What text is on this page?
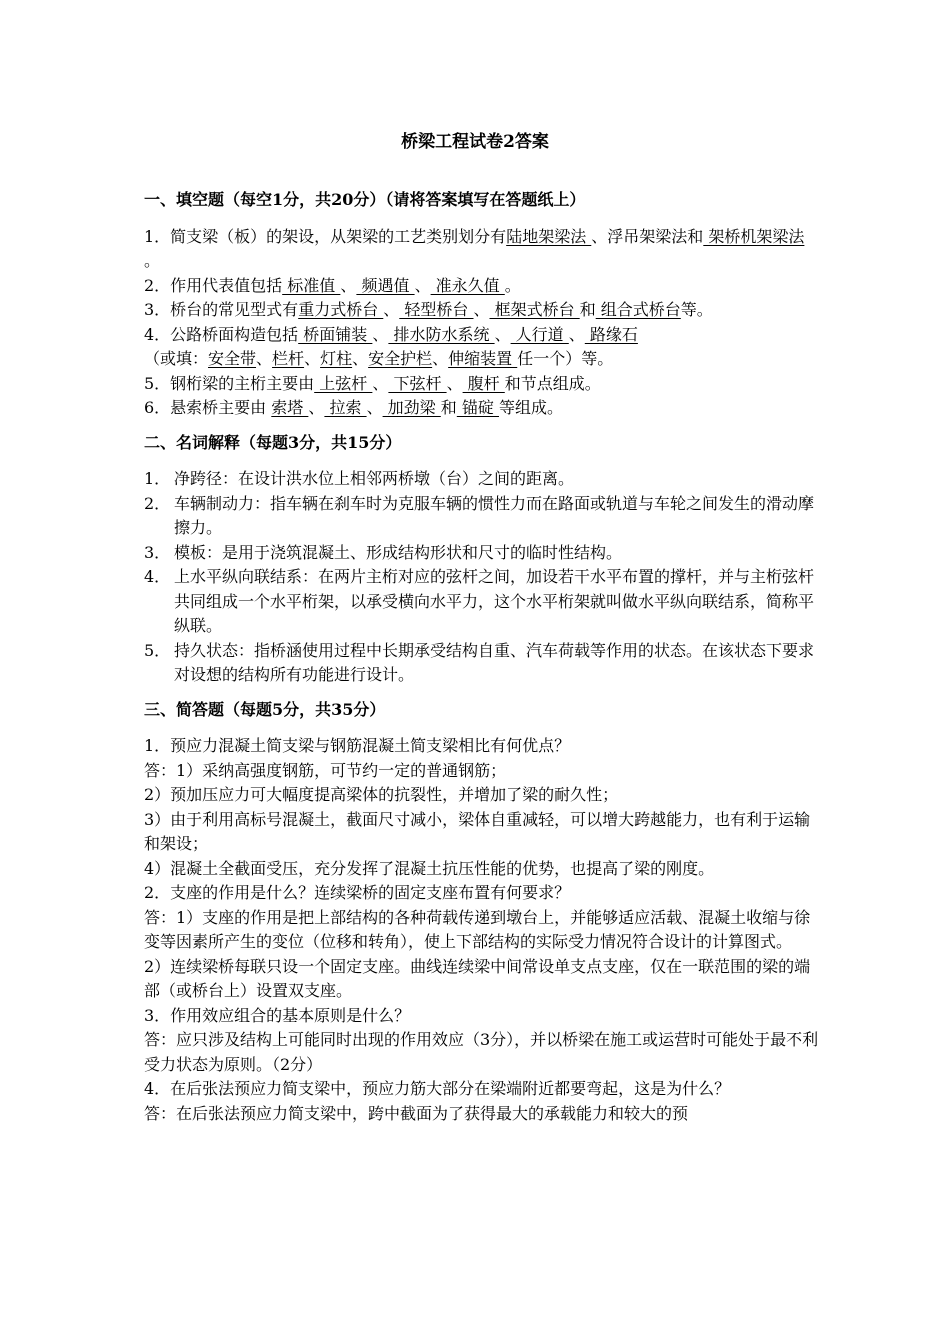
桥梁工程试卷2答案
一、填空题（每空1分，共20分）（请将答案填写在答题纸上）

1．简支梁（板）的架设，从架梁的工艺类别划分有陆地架梁法 、浮吊架梁法和 架桥机架梁法 。

2．作用代表值包括 标准值 、 频遇值 、 准永久值 。

3．桥台的常见型式有重力式桥台 、 轻型桥台 、 框架式桥台 和 组合式桥台等。

4．公路桥面构造包括 桥面铺装 、 排水防水系统 、 人行道 、 路缘石
（或填：安全带、栏杆、灯柱、安全护栏、伸缩装置 任一个）等。

5．钢桁梁的主桁主要由 上弦杆 、 下弦杆 、 腹杆 和节点组成。

6．悬索桥主要由 索塔 、 拉索 、 加劲梁 和 锚碇 等组成。

二、名词解释（每题3分，共15分）
1． 净跨径：在设计洪水位上相邻两桥墩（台）之间的距离。
2． 车辆制动力：指车辆在刹车时为克服车辆的惯性力而在路面或轨道与车轮之间发生的滑动摩擦力。
3． 模板：是用于浇筑混凝土、形成结构形状和尺寸的临时性结构。
4． 上水平纵向联结系：在两片主桁对应的弦杆之间，加设若干水平布置的撑杆，并与主桁弦杆共同组成一个水平桁架，以承受横向水平力，这个水平桁架就叫做水平纵向联结系，简称平纵联。
5． 持久状态：指桥涵使用过程中长期承受结构自重、汽车荷载等作用的状态。在该状态下要求对设想的结构所有功能进行设计。
三、简答题（每题5分，共35分）

1．预应力混凝土简支梁与钢筋混凝土简支梁相比有何优点？

答：1）采纳高强度钢筋，可节约一定的普通钢筋；

2）预加压应力可大幅度提高梁体的抗裂性，并增加了梁的耐久性；

3）由于利用高标号混凝土，截面尺寸减小，梁体自重减轻，可以增大跨越能力，也有利于运输和架设；

4）混凝土全截面受压，充分发挥了混凝土抗压性能的优势，也提高了梁的刚度。

2．支座的作用是什么？连续梁桥的固定支座布置有何要求？

答：1）支座的作用是把上部结构的各种荷载传递到墩台上，并能够适应活载、混凝土收缩与徐变等因素所产生的变位（位移和转角），使上下部结构的实际受力情况符合设计的计算图式。

2）连续梁桥每联只设一个固定支座。曲线连续梁中间常设单支点支座，仅在一联范围的梁的端部（或桥台上）设置双支座。

3．作用效应组合的基本原则是什么？

答：应只涉及结构上可能同时出现的作用效应（3分），并以桥梁在施工或运营时可能处于最不利受力状态为原则。（2分）

4．在后张法预应力简支梁中，预应力筋大部分在梁端附近都要弯起，这是为什么？

答：在后张法预应力简支梁中，跨中截面为了获得最大的承载能力和较大的预
